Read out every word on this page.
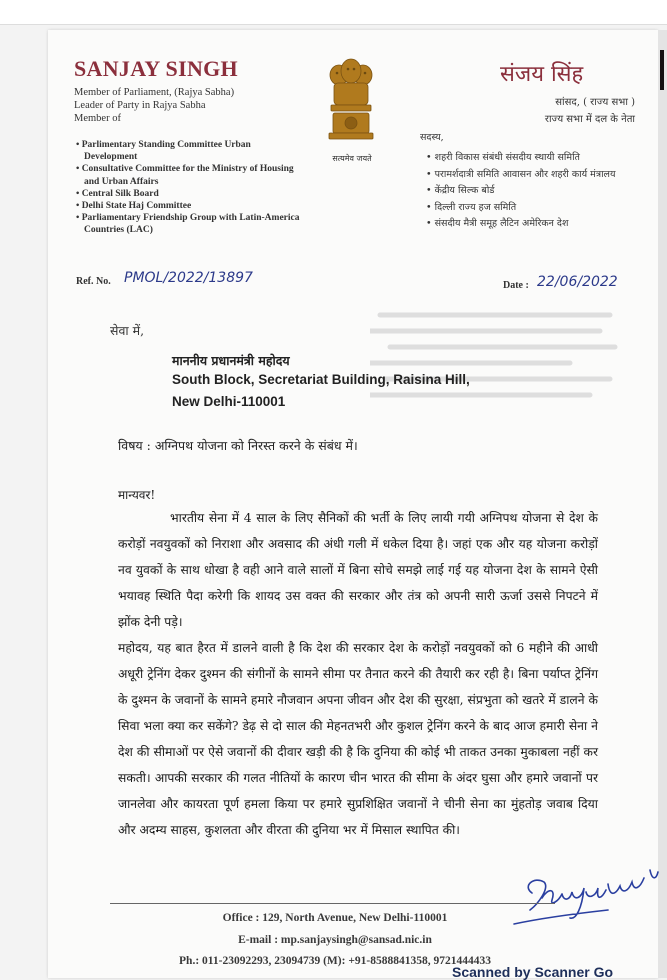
SANJAY SINGH
Member of Parliament, (Rajya Sabha)
Leader of Party in Rajya Sabha
Member of
• Parlimentary Standing Committee Urban Development
• Consultative Committee for the Ministry of Housing and Urban Affairs
• Central Silk Board
• Delhi State Haj Committee
• Parliamentary Friendship Group with Latin-America Countries (LAC)
सत्यमेव जयते
संजय सिंह
सांसद, ( राज्य सभा )
राज्य सभा में दल के नेता
सदस्य,
• शहरी विकास संबंधी संसदीय स्थायी समिति
• परामर्शदात्री समिति आवासन और शहरी कार्य मंत्रालय
• केंद्रीय सिल्क बोर्ड
• दिल्ली राज्य हज समिति
• संसदीय मैत्री समूह लैटिन अमेरिकन देश
Ref. No. PMOL/2022/13897	Date : 22/06/2022
सेवा में,
माननीय प्रधानमंत्री महोदय
South Block, Secretariat Building, Raisina Hill,
New Delhi-110001
विषय : अग्निपथ योजना को निरस्त करने के संबंध में।
मान्यवर!

भारतीय सेना में 4 साल के लिए सैनिकों की भर्ती के लिए लायी गयी अग्निपथ योजना से देश के करोड़ों नवयुवकों को निराशा और अवसाद की अंधी गली में धकेल दिया है। जहां एक और यह योजना करोड़ों नव युवकों के साथ धोखा है वही आने वाले सालों में बिना सोचे समझे लाई गई यह योजना देश के सामने ऐसी भयावह स्थिति पैदा करेगी कि शायद उस वक्त की सरकार और तंत्र को अपनी सारी ऊर्जा उससे निपटने में झोंक देनी पड़े।

महोदय, यह बात हैरत में डालने वाली है कि देश की सरकार देश के करोड़ों नवयुवकों को 6 महीने की आधी अधूरी ट्रेनिंग देकर दुश्मन की संगीनों के सामने सीमा पर तैनात करने की तैयारी कर रही है। बिना पर्याप्त ट्रेनिंग के दुश्मन के जवानों के सामने हमारे नौजवान अपना जीवन और देश की सुरक्षा, संप्रभुता को खतरे में डालने के सिवा भला क्या कर सकेंगे? डेढ़ से दो साल की मेहनतभरी और कुशल ट्रेनिंग करने के बाद आज हमारी सेना ने देश की सीमाओं पर ऐसे जवानों की दीवार खड़ी की है कि दुनिया की कोई भी ताकत उनका मुकाबला नहीं कर सकती। आपकी सरकार की गलत नीतियों के कारण चीन भारत की सीमा के अंदर घुसा और हमारे जवानों पर जानलेवा और कायरता पूर्ण हमला किया पर हमारे सुप्रशिक्षित जवानों ने चीनी सेना का मुंहतोड़ जवाब दिया और अदम्य साहस, कुशलता और वीरता की दुनिया भर में मिसाल स्थापित की।

Office : 129, North Avenue, New Delhi-110001
E-mail : mp.sanjaysingh@sansad.nic.in
Ph.: 011-23092293, 23094739 (M): +91-8588841358, 9721444433
Scanned by Scanner Go
